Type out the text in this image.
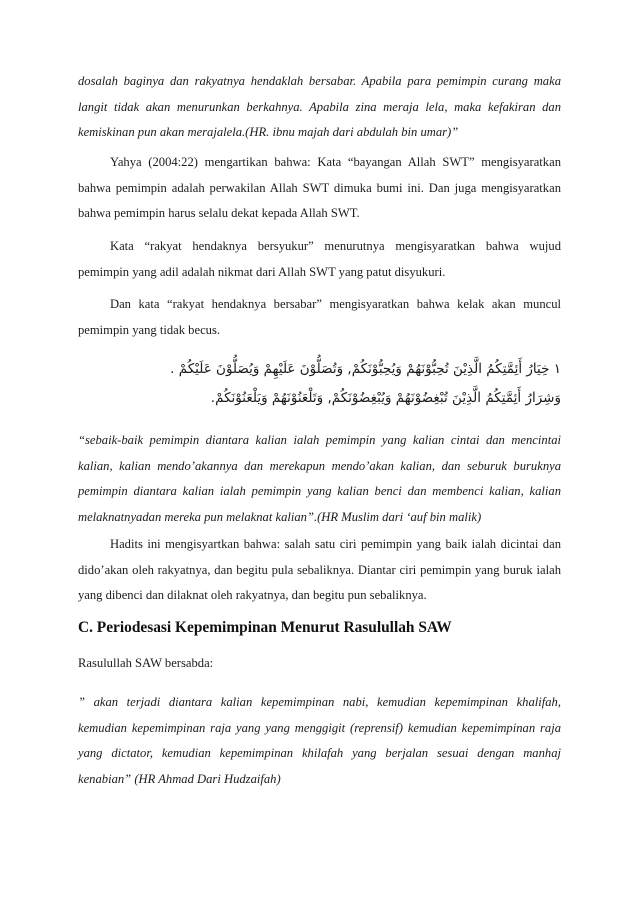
dosalah baginya dan rakyatnya hendaklah bersabar. Apabila para pemimpin curang maka langit tidak akan menurunkan berkahnya. Apabila zina meraja lela, maka kefakiran dan kemiskinan pun akan merajalela.(HR. ibnu majah dari abdulah bin umar)”

Yahya (2004:22) mengartikan bahwa: Kata “bayangan Allah SWT” mengisyaratkan bahwa pemimpin adalah perwakilan Allah SWT dimuka bumi ini. Dan juga mengisyaratkan bahwa pemimpin harus selalu dekat kepada Allah SWT.

Kata “rakyat hendaknya bersyukur” menurutnya mengisyaratkan bahwa wujud pemimpin yang adil adalah nikmat dari Allah SWT yang patut disyukuri.

Dan kata “rakyat hendaknya bersabar” mengisyaratkan bahwa kelak akan muncul pemimpin yang tidak becus.

١ خِيَارُ أَئِمَّتِكُمُ الَّذِيْنَ تُحِبُّوْنَهُمْ وَيُحِبُّوْنَكُمْ, وَتُصَلُّوْنَ عَلَيْهِمْ وَيُصَلُّوْنَ عَلَيْكُمْ .
وَشِرَارُ أَئِمَّتِكُمُ الَّذِيْنَ تُبْغِضُوْنَهُمْ وَيُبْغِضُوْنَكُمْ, وَتَلْعَنُوْنَهُمْ وَيَلْعَنُوْنَكُمْ.

“sebaik-baik pemimpin diantara kalian ialah pemimpin yang kalian cintai dan mencintai kalian, kalian mendo’akannya dan merekapun mendo’akan kalian, dan seburuk buruknya pemimpin diantara kalian ialah pemimpin yang kalian benci dan membenci kalian, kalian melaknatnyadan mereka pun melaknat kalian”.(HR Muslim dari ‘auf bin malik)

Hadits ini mengisyartkan bahwa: salah satu ciri pemimpin yang baik ialah dicintai dan dido’akan oleh rakyatnya, dan begitu pula sebaliknya. Diantar ciri pemimpin yang buruk ialah yang dibenci dan dilaknat oleh rakyatnya, dan begitu pun sebaliknya.

C. Periodesasi Kepemimpinan Menurut Rasulullah SAW

Rasulullah SAW bersabda:

” akan terjadi diantara kalian kepemimpinan nabi, kemudian kepemimpinan khalifah, kemudian kepemimpinan raja yang yang menggigit (reprensif) kemudian kepemimpinan raja yang dictator, kemudian kepemimpinan khilafah yang berjalan sesuai dengan manhaj kenabian” (HR Ahmad Dari Hudzaifah)
